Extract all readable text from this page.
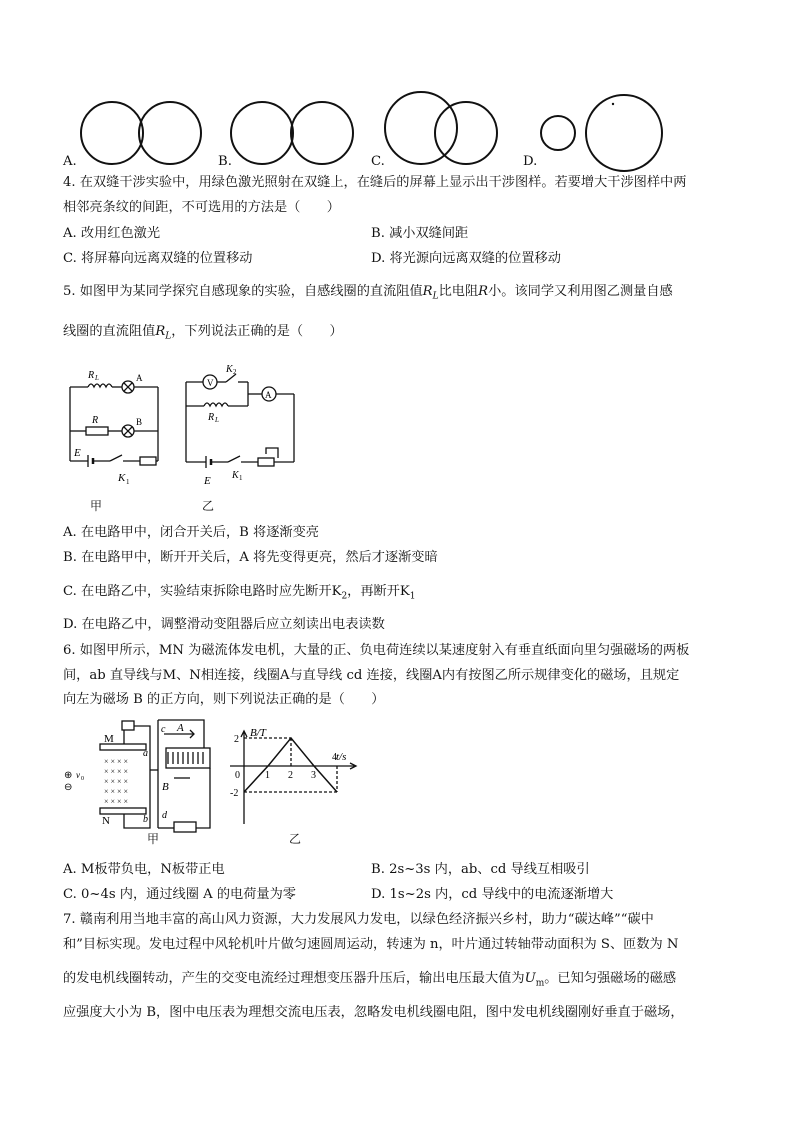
A.	B.	C.	D.
4. 在双缝干涉实验中，用绿色激光照射在双缝上，在缝后的屏幕上显示出干涉图样。若要增大干涉图样中两
相邻亮条纹的间距，不可选用的方法是（　　）
A. 改用红色激光	B. 减小双缝间距
C. 将屏幕向远离双缝的位置移动	D. 将光源向远离双缝的位置移动
5. 如图甲为某同学探究自感现象的实验，自感线圈的直流阻值$R_L$比电阻R小。该同学又利用图乙测量自感
线圈的直流阻值$R_L$，下列说法正确的是（　　）
R L	A
R	B
E
K 1
甲
V
A
K 2
R L
E K 1
乙
A. 在电路甲中，闭合开关后，B 将逐渐变亮
B. 在电路甲中，断开开关后，A 将先变得更亮，然后才逐渐变暗
C. 在电路乙中，实验结束拆除电路时应先断开$K_2$，再断开$K_1$
D. 在电路乙中，调整滑动变阻器后应立刻读出电表读数
6. 如图甲所示，MN 为磁流体发电机，大量的正、负电荷连续以某速度射入有垂直纸面向里匀强磁场的两板
间，ab 直导线与M、N相连接，线圈A与直导线 cd 连接，线圈A内有按图乙所示规律变化的磁场，且规定
向左为磁场 B 的正方向，则下列说法正确的是（　　）
× × × ×
× × × ×
× × × ×
× × × ×
× × × ×
M
N
a
b
c
d
A
B
⊕
⊖
v 0
甲
B/T
t/s
2
-2
0	1 2 3
4
乙
A. M板带负电，N板带正电	B. 2s~3s 内，ab、cd 导线互相吸引
C. 0~4s 内，通过线圈 A 的电荷量为零	D. 1s~2s 内，cd 导线中的电流逐渐增大
7. 赣南利用当地丰富的高山风力资源，大力发展风力发电，以绿色经济振兴乡村，助力“碳达峰”“碳中
和”目标实现。发电过程中风轮机叶片做匀速圆周运动，转速为 n，叶片通过转轴带动面积为 S、匝数为 N
的发电机线圈转动，产生的交变电流经过理想变压器升压后，输出电压最大值为$U_m$。已知匀强磁场的磁感
应强度大小为 B，图中电压表为理想交流电压表，忽略发电机线圈电阻，图中发电机线圈刚好垂直于磁场，
